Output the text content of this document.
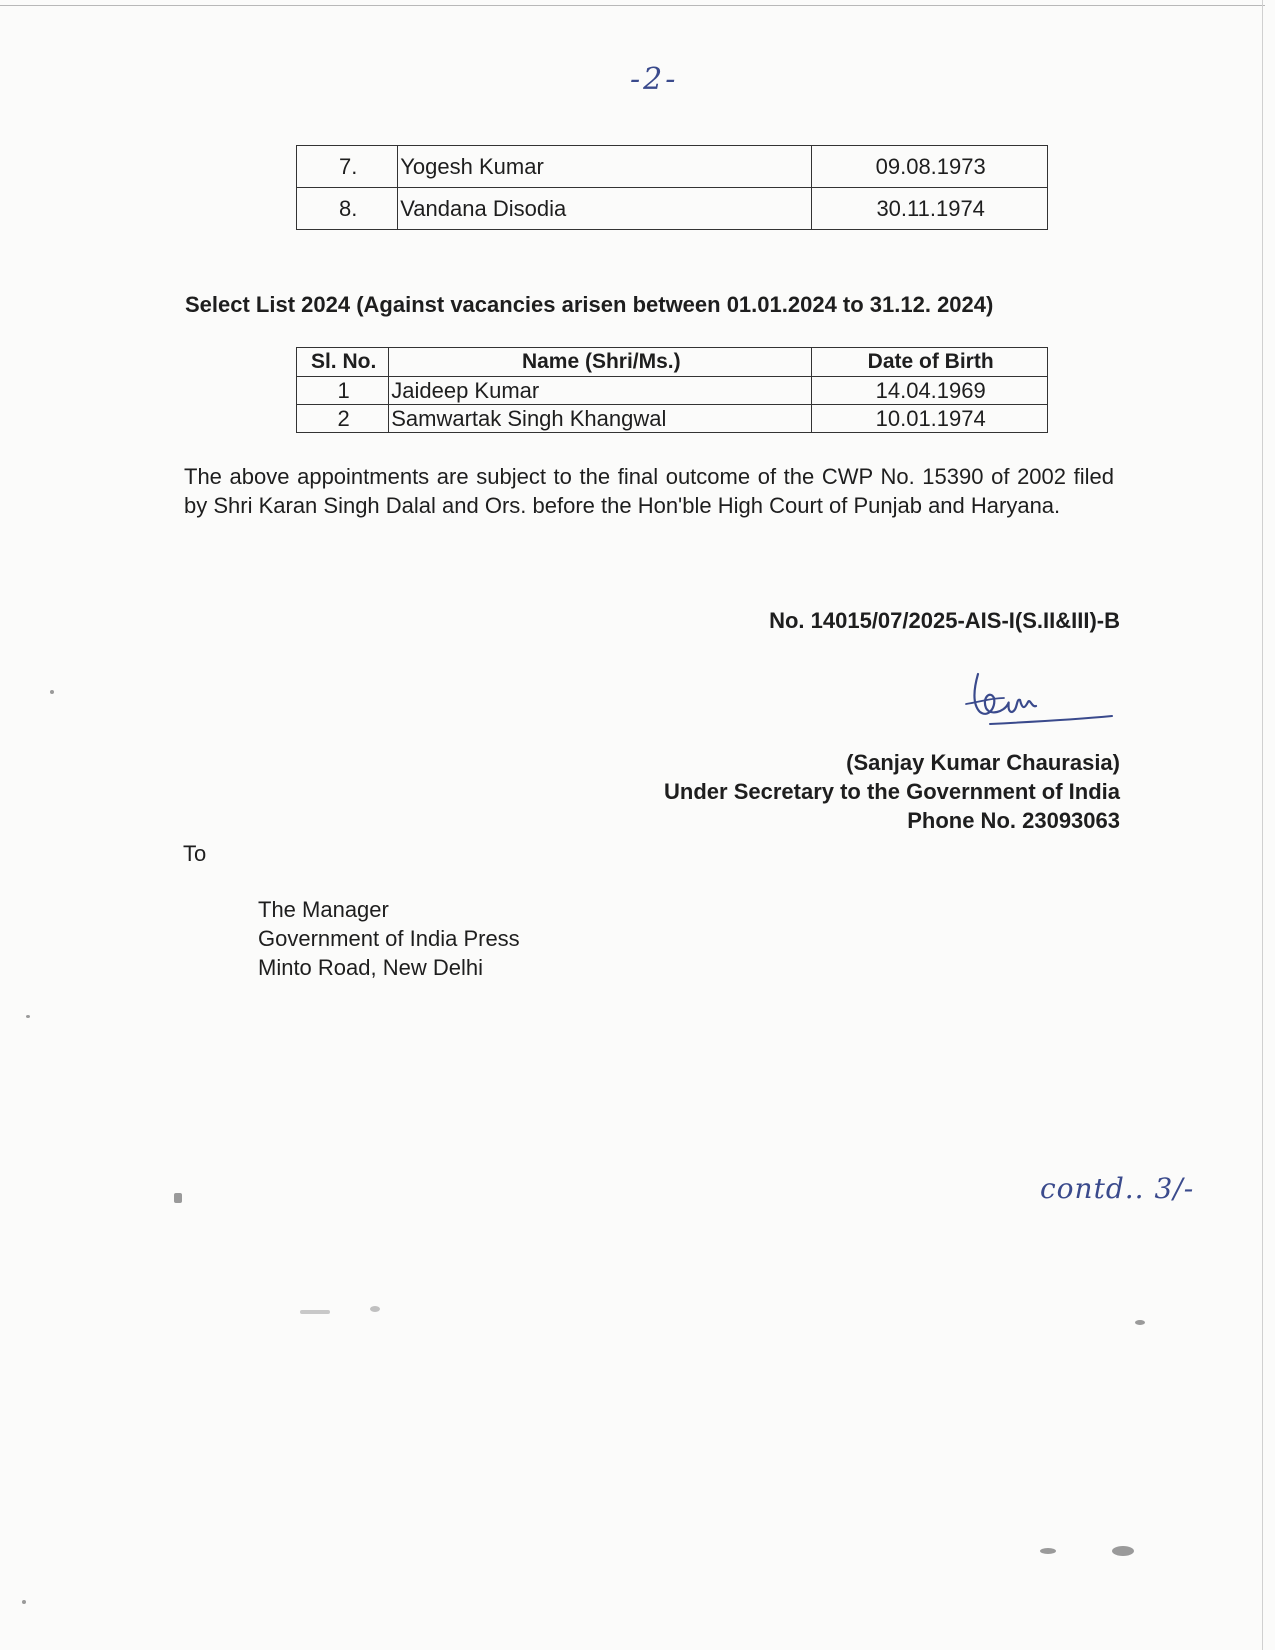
-2-
7.	Yogesh Kumar	09.08.1973
8.	Vandana Disodia	30.11.1974
Select List 2024 (Against vacancies arisen between 01.01.2024 to 31.12. 2024)
Sl. No.	Name (Shri/Ms.)	Date of Birth
1	Jaideep Kumar	14.04.1969
2	Samwartak Singh Khangwal	10.01.1974
The above appointments are subject to the final outcome of the CWP No. 15390 of 2002 filed by Shri Karan Singh Dalal and Ors. before the Hon'ble High Court of Punjab and Haryana.
No. 14015/07/2025-AIS-I(S.II&III)-B
(Sanjay Kumar Chaurasia)
Under Secretary to the Government of India
Phone No. 23093063
To
The Manager
Government of India Press
Minto Road, New Delhi
contd.. 3/-
